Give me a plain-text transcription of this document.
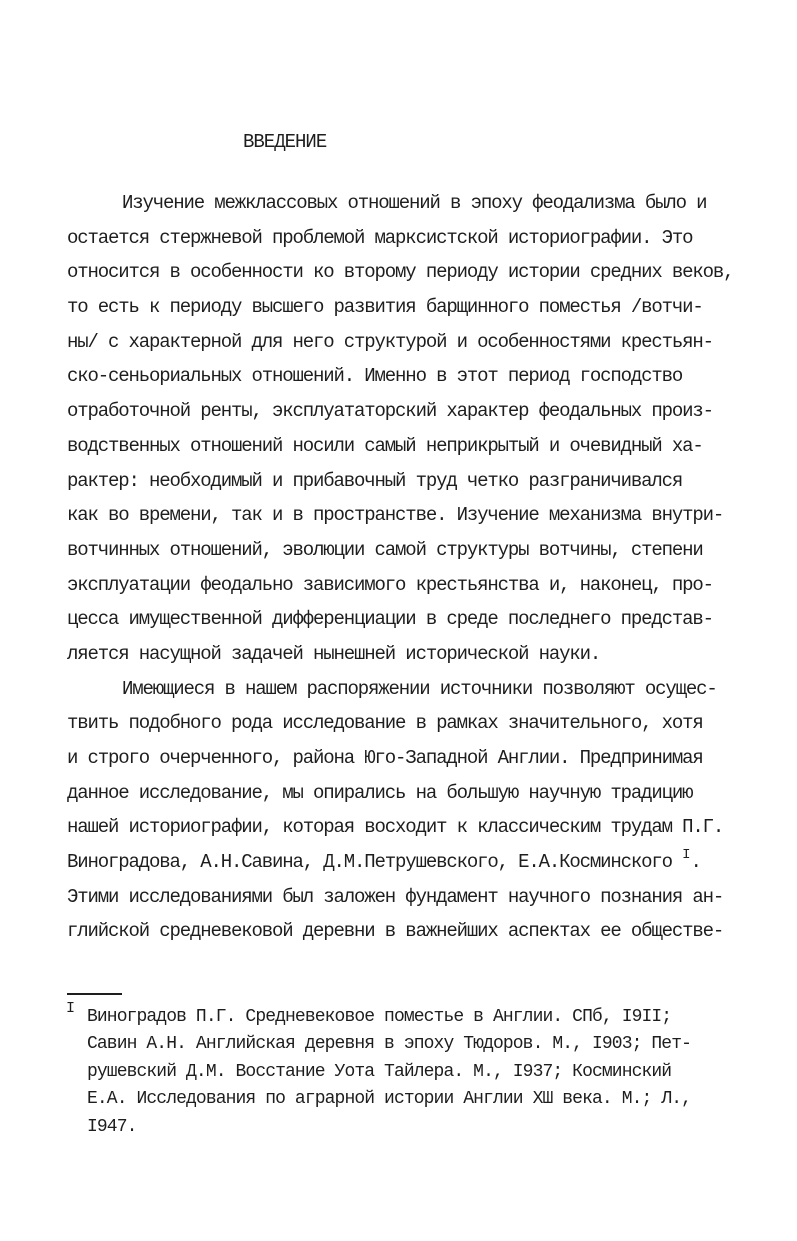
ВВЕДЕНИЕ
Изучение межклассовых отношений в эпоху феодализма было и
остается стержневой проблемой марксистской историографии. Это
относится в особенности ко второму периоду истории средних веков,
то есть к периоду высшего развития барщинного поместья /вотчи-
ны/ с характерной для него структурой и особенностями крестьян-
ско-сеньориальных отношений. Именно в этот период господство
отработочной ренты, эксплуататорский характер феодальных произ-
водственных отношений носили самый неприкрытый и очевидный ха-
рактер: необходимый и прибавочный труд четко разграничивался
как во времени, так и в пространстве. Изучение механизма внутри-
вотчинных отношений, эволюции самой структуры вотчины, степени
эксплуатации феодально зависимого крестьянства и, наконец, про-
цесса имущественной дифференциации в среде последнего представ-
ляется насущной задачей нынешней исторической науки.
Имеющиеся в нашем распоряжении источники позволяют осущес-
твить подобного рода исследование в рамках значительного, хотя
и строго очерченного, района Юго-Западной Англии. Предпринимая
данное исследование, мы опирались на большую научную традицию
нашей историографии, которая восходит к классическим трудам П.Г.
Виноградова, А.Н.Савина, Д.М.Петрушевского, Е.А.Косминского $^I$.
Этими исследованиями был заложен фундамент научного познания ан-
глийской средневековой деревни в важнейших аспектах ее обществе-
I Виноградов П.Г. Средневековое поместье в Англии. СПб, I9II;
Савин А.Н. Английская деревня в эпоху Тюдоров. М., I903; Пет-
рушевский Д.М. Восстание Уота Тайлера. М., I937; Косминский
Е.А. Исследования по аграрной истории Англии ХШ века. М.; Л.,
I947.
